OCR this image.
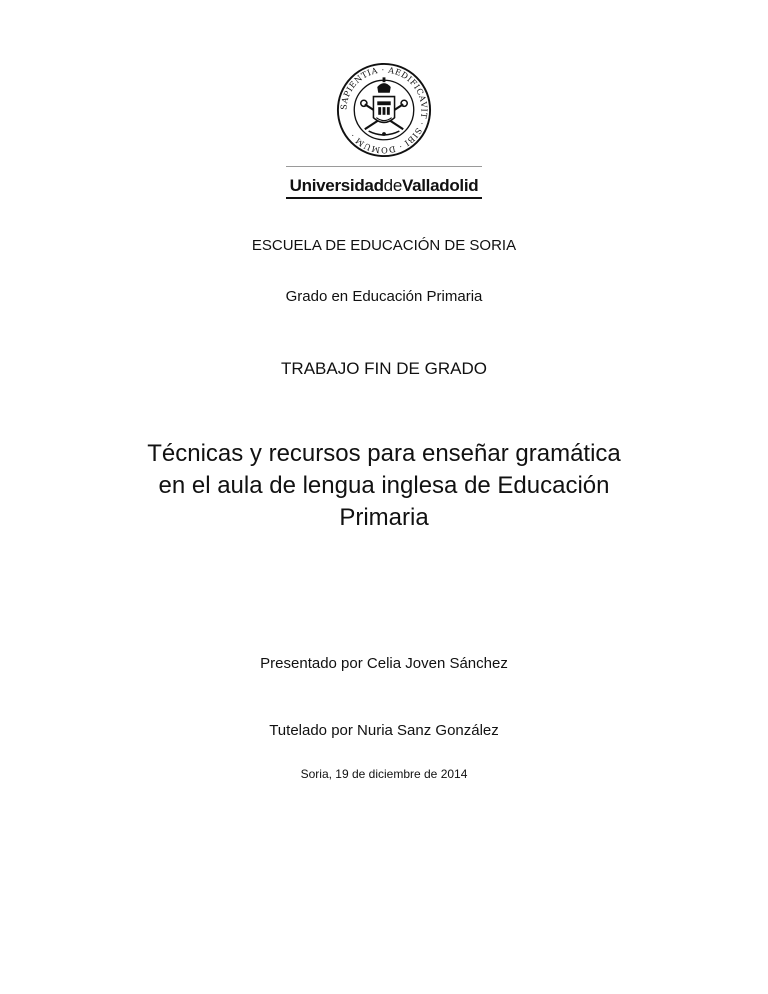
SAPIENTIA · AEDIFICAVIT · SIBI · DOMUM ·
UniversidaddeValladolid
ESCUELA DE EDUCACIÓN DE SORIA
Grado en Educación Primaria
TRABAJO FIN DE GRADO
Técnicas y recursos para enseñar gramática
en el aula de lengua inglesa de Educación
Primaria
Presentado por Celia Joven Sánchez
Tutelado por Nuria Sanz González
Soria, 19 de diciembre de 2014
